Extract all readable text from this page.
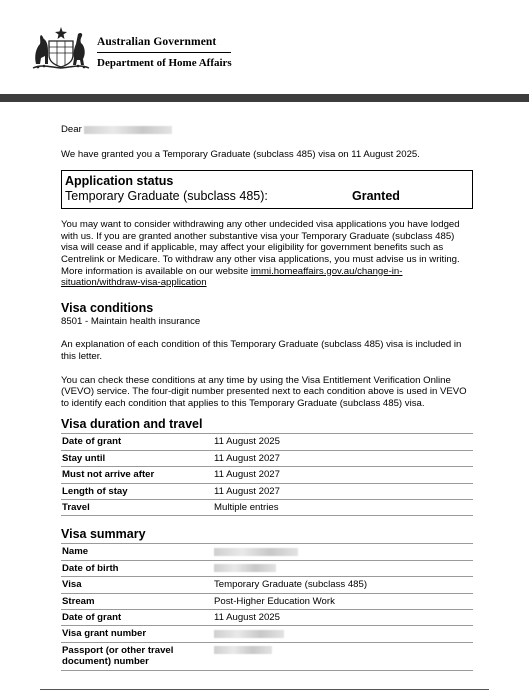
Australian Government
Department of Home Affairs

Dear

We have granted you a Temporary Graduate (subclass 485) visa on 11 August 2025.

Application status
Temporary Graduate (subclass 485):	Granted

You may want to consider withdrawing any other undecided visa applications you have lodged with us. If you are granted another substantive visa your Temporary Graduate (subclass 485) visa will cease and if applicable, may affect your eligibility for government benefits such as Centrelink or Medicare. To withdraw any other visa applications, you must advise us in writing. More information is available on our website immi.homeaffairs.gov.au/change-in-situation/withdraw-visa-application

Visa conditions

8501 - Maintain health insurance

An explanation of each condition of this Temporary Graduate (subclass 485) visa is included in this letter.

You can check these conditions at any time by using the Visa Entitlement Verification Online (VEVO) service. The four-digit number presented next to each condition above is used in VEVO to identify each condition that applies to this Temporary Graduate (subclass 485) visa.

Visa duration and travel
Date of grant	11 August 2025
Stay until	11 August 2027
Must not arrive after	11 August 2027
Length of stay	11 August 2027
Travel	Multiple entries
Visa summary
Name	
Date of birth	
Visa	Temporary Graduate (subclass 485)
Stream	Post-Higher Education Work
Date of grant	11 August 2025
Visa grant number	
Passport (or other travel document) number	
